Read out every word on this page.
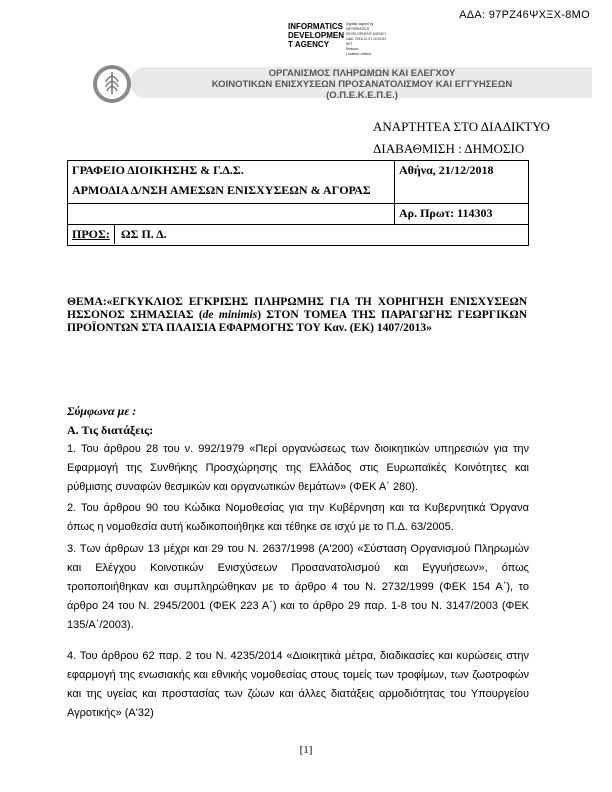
ΑΔΑ: 97ΡΖ46ΨΧΞΧ-8ΜΟ
INFORMATICS
DEVELOPMEN
T AGENCY
Digitally signed by
INFORMATICS
DEVELOPMENT AGENCY
Date: 2018.12.21 15:19:51
EET
Reason:
Location: Athens
ΟΡΓΑΝΙΣΜΟΣ ΠΛΗΡΩΜΩΝ ΚΑΙ ΕΛΕΓΧΟΥ
ΚΟΙΝΟΤΙΚΩΝ ΕΝΙΣΧΥΣΕΩΝ ΠΡΟΣΑΝΑΤΟΛΙΣΜΟΥ ΚΑΙ ΕΓΓΥΗΣΕΩΝ
(Ο.Π.Ε.Κ.Ε.Π.Ε.)
ΑΝΑΡΤΗΤΕΑ ΣΤΟ ΔΙΑΔΙΚΤΥΟ
ΔΙΑΒΑΘΜΙΣΗ : ΔΗΜΟΣΙΟ
ΓΡΑΦΕΙΟ ΔΙΟΙΚΗΣΗΣ & Γ.Δ.Σ.
ΑΡΜΟΔΙΑ Δ/ΝΣΗ ΑΜΕΣΩΝ ΕΝΙΣΧΥΣΕΩΝ & ΑΓΟΡΑΣ
	Αθήνα, 21/12/2018
	Αρ. Πρωτ: 114303

ΠΡΟΣ:	ΩΣ Π. Δ.
ΘΕΜΑ:«ΕΓΚΥΚΛΙΟΣ ΕΓΚΡΙΣΗΣ ΠΛΗΡΩΜΗΣ ΓΙΑ ΤΗ ΧΟΡΗΓΗΣΗ ΕΝΙΣΧΥΣΕΩΝ ΗΣΣΟΝΟΣ ΣΗΜΑΣΙΑΣ (de minimis) ΣΤΟΝ ΤΟΜΕΑ ΤΗΣ ΠΑΡΑΓΩΓΗΣ ΓΕΩΡΓΙΚΩΝ ΠΡΟΪΟΝΤΩΝ ΣΤΑ ΠΛΑΙΣΙΑ ΕΦΑΡΜΟΓΗΣ ΤΟΥ Καν. (ΕΚ) 1407/2013»
Σύμφωνα με :
Α. Τις διατάξεις:
1. Του άρθρου 28 του ν. 992/1979 «Περί οργανώσεως των διοικητικών υπηρεσιών για την Εφαρμογή της Συνθήκης Προσχώρησης της Ελλάδος στις Ευρωπαϊκές Κοινότητες και ρύθμισης συναφών θεσμικών και οργανωτικών θεμάτων» (ΦΕΚ Α΄ 280).
2. Του άρθρου 90 του Κώδικα Νομοθεσίας για την Κυβέρνηση και τα Κυβερνητικά Όργανα όπως η νομοθεσία αυτή κωδικοποιήθηκε και τέθηκε σε ισχύ με το Π.Δ. 63/2005.
3. Των άρθρων 13 μέχρι και 29 του Ν. 2637/1998 (Α'200) «Σύσταση Οργανισμού Πληρωμών και Ελέγχου Κοινοτικών Ενισχύσεων Προσανατολισμού και Εγγυήσεων», όπως τροποποιήθηκαν και συμπληρώθηκαν με το άρθρο 4 του Ν. 2732/1999 (ΦΕΚ 154 Α΄), το άρθρο 24 του Ν. 2945/2001 (ΦΕΚ 223 Α΄) και το άρθρο 29 παρ. 1-8 του Ν. 3147/2003 (ΦΕΚ 135/Α΄/2003).
4. Του άρθρου 62 παρ. 2 του Ν. 4235/2014 «Διοικητικά μέτρα, διαδικασίες και κυρώσεις στην εφαρμογή της ενωσιακής και εθνικής νομοθεσίας στους τομείς των τροφίμων, των ζωοτροφών και της υγείας και προστασίας των ζώων και άλλες διατάξεις αρμοδιότητας του Υπουργείου Αγροτικής» (Α'32)
[1]
